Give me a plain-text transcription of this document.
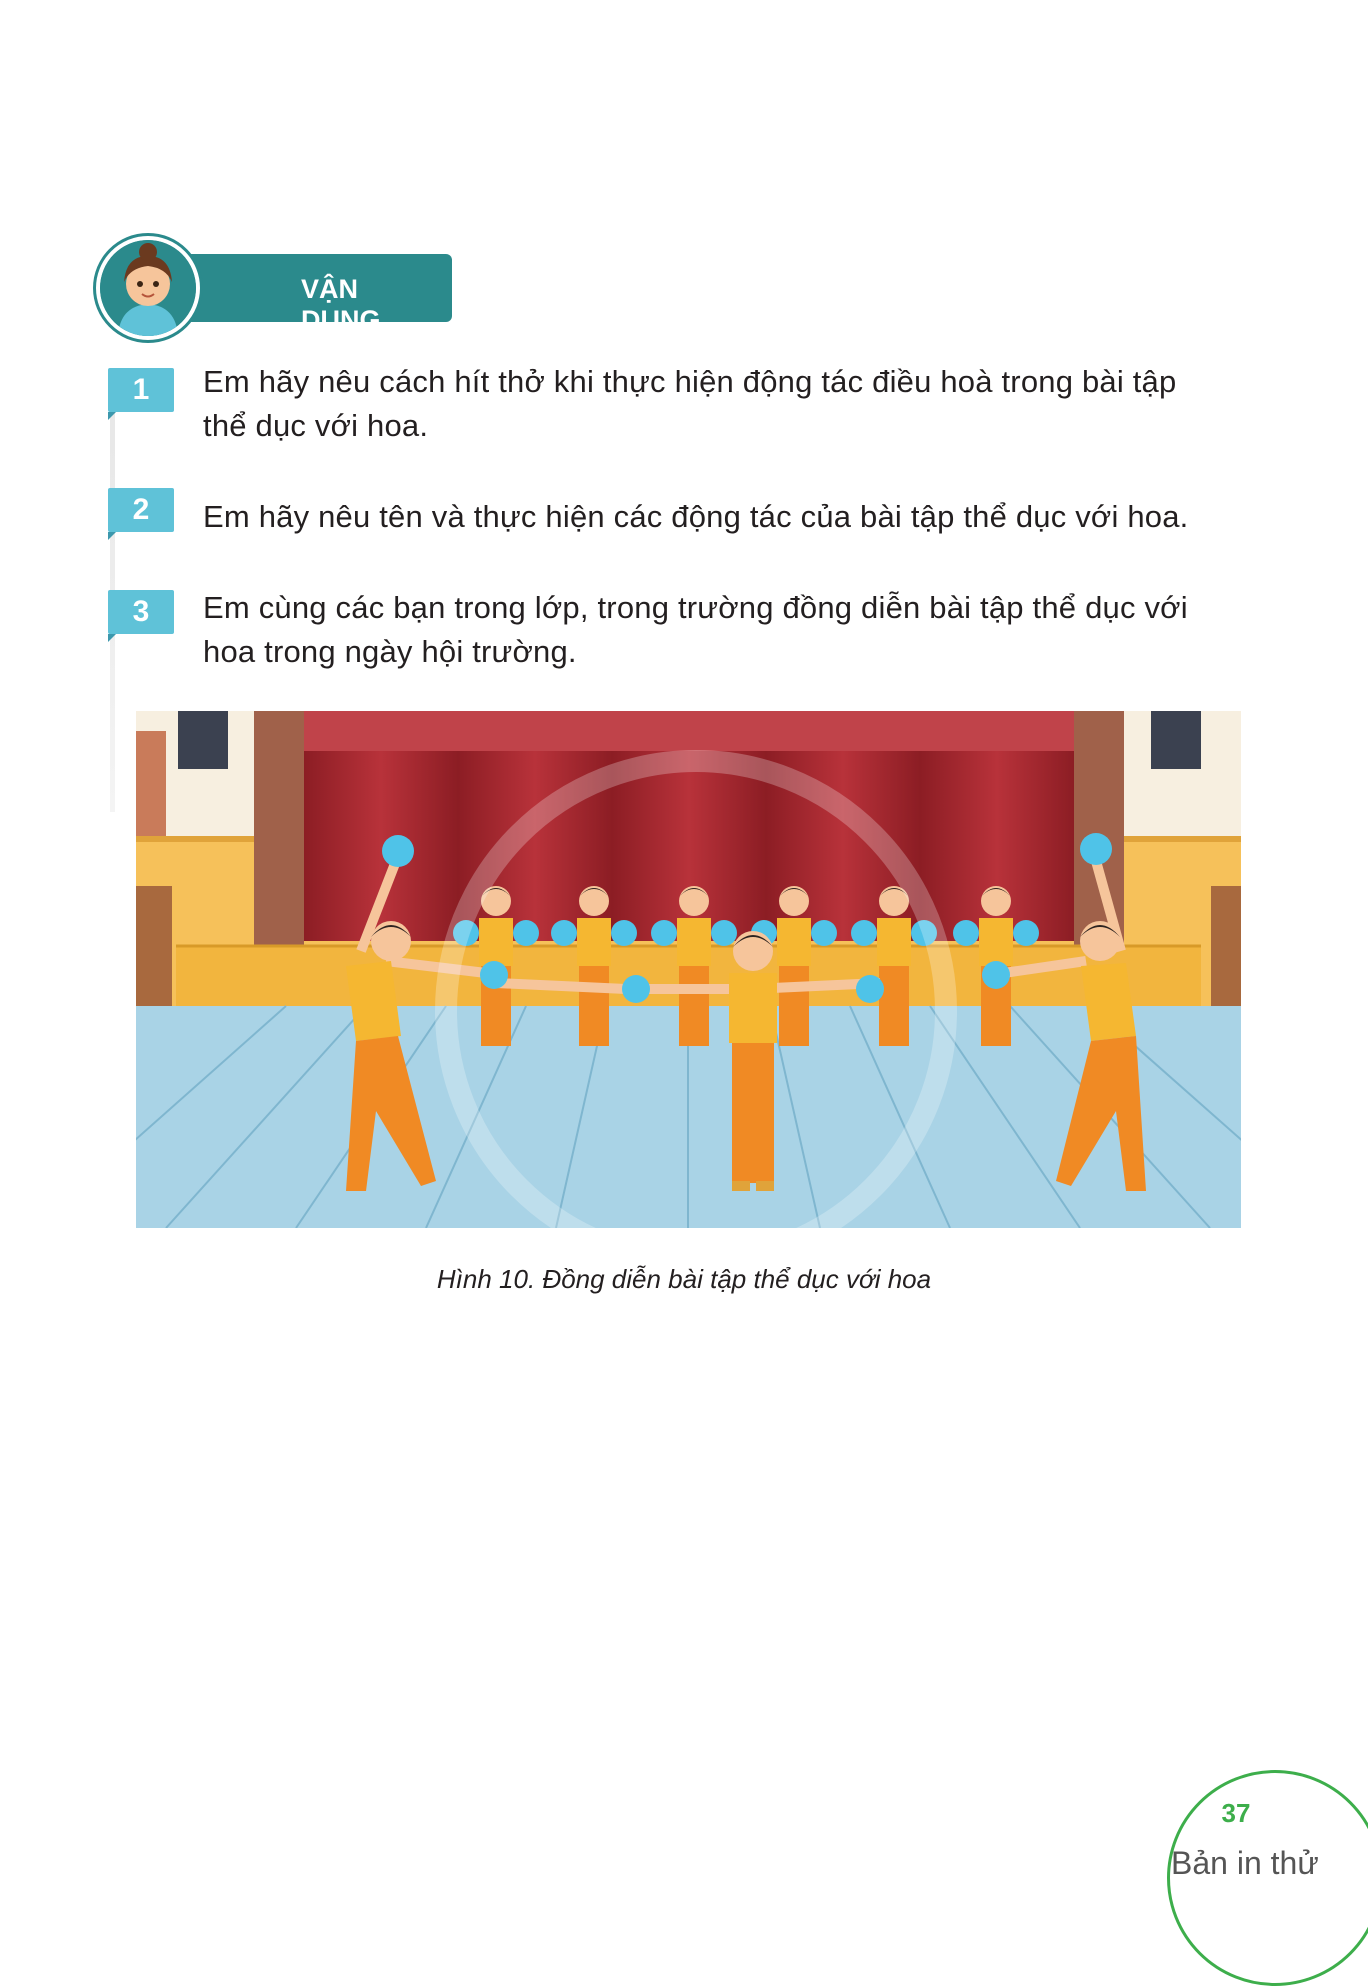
VẬN DỤNG
1	Em hãy nêu cách hít thở khi thực hiện động tác điều hoà trong bài tập
thể dục với hoa.
2	Em hãy nêu tên và thực hiện các động tác của bài tập thể dục với hoa.
3	Em cùng các bạn trong lớp, trong trường đồng diễn bài tập thể dục với
hoa trong ngày hội trường.
Hình 10. Đồng diễn bài tập thể dục với hoa
37
Bản in thử
